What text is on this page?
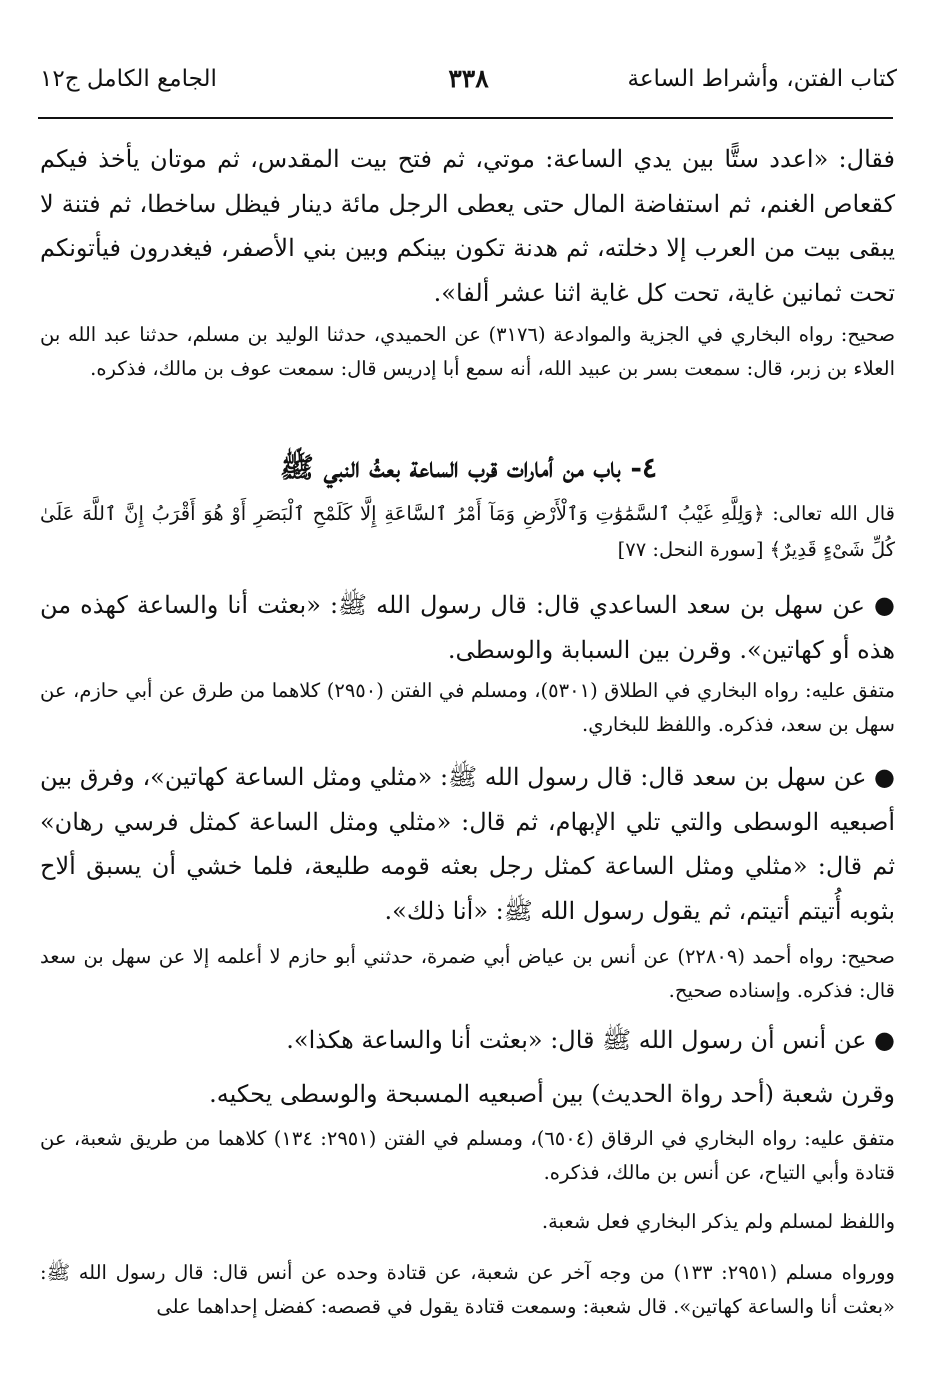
كتاب الفتن، وأشراط الساعة
٣٣٨
الجامع الكامل ج١٢

فقال: «اعدد ستًّا بين يدي الساعة: موتي، ثم فتح بيت المقدس، ثم موتان يأخذ فيكم كقعاص الغنم، ثم استفاضة المال حتى يعطى الرجل مائة دينار فيظل ساخطا، ثم فتنة لا يبقى بيت من العرب إلا دخلته، ثم هدنة تكون بينكم وبين بني الأصفر، فيغدرون فيأتونكم تحت ثمانين غاية، تحت كل غاية اثنا عشر ألفا».

صحيح: رواه البخاري في الجزية والموادعة (٣١٧٦) عن الحميدي، حدثنا الوليد بن مسلم، حدثنا عبد الله بن العلاء بن زبر، قال: سمعت بسر بن عبيد الله، أنه سمع أبا إدريس قال: سمعت عوف بن مالك، فذكره.

٤- باب من أمارات قرب الساعة بعثُ النبي ﷺ

قال الله تعالى: ﴿وَلِلَّهِ غَيْبُ ٱلسَّمَٰوَٰتِ وَٱلْأَرْضِ وَمَآ أَمْرُ ٱلسَّاعَةِ إِلَّا كَلَمْحِ ٱلْبَصَرِ أَوْ هُوَ أَقْرَبُ إِنَّ ٱللَّهَ عَلَىٰ كُلِّ شَىْءٍ قَدِيرٌ﴾ [سورة النحل: ٧٧]

● عن سهل بن سعد الساعدي قال: قال رسول الله ﷺ: «بعثت أنا والساعة كهذه من هذه أو كهاتين». وقرن بين السبابة والوسطى.

متفق عليه: رواه البخاري في الطلاق (٥٣٠١)، ومسلم في الفتن (٢٩٥٠) كلاهما من طرق عن أبي حازم، عن سهل بن سعد، فذكره. واللفظ للبخاري.

● عن سهل بن سعد قال: قال رسول الله ﷺ: «مثلي ومثل الساعة كهاتين»، وفرق بين أصبعيه الوسطى والتي تلي الإبهام، ثم قال: «مثلي ومثل الساعة كمثل فرسي رهان» ثم قال: «مثلي ومثل الساعة كمثل رجل بعثه قومه طليعة، فلما خشي أن يسبق ألاح بثوبه أُتيتم أتيتم، ثم يقول رسول الله ﷺ: «أنا ذلك».

صحيح: رواه أحمد (٢٢٨٠٩) عن أنس بن عياض أبي ضمرة، حدثني أبو حازم لا أعلمه إلا عن سهل بن سعد قال: فذكره. وإسناده صحيح.

● عن أنس أن رسول الله ﷺ قال: «بعثت أنا والساعة هكذا».

وقرن شعبة (أحد رواة الحديث) بين أصبعيه المسبحة والوسطى يحكيه.

متفق عليه: رواه البخاري في الرقاق (٦٥٠٤)، ومسلم في الفتن (٢٩٥١: ١٣٤) كلاهما من طريق شعبة، عن قتادة وأبي التياح، عن أنس بن مالك، فذكره.

واللفظ لمسلم ولم يذكر البخاري فعل شعبة.

وورواه مسلم (٢٩٥١: ١٣٣) من وجه آخر عن شعبة، عن قتادة وحده عن أنس قال: قال رسول الله ﷺ: «بعثت أنا والساعة كهاتين». قال شعبة: وسمعت قتادة يقول في قصصه: كفضل إحداهما على
